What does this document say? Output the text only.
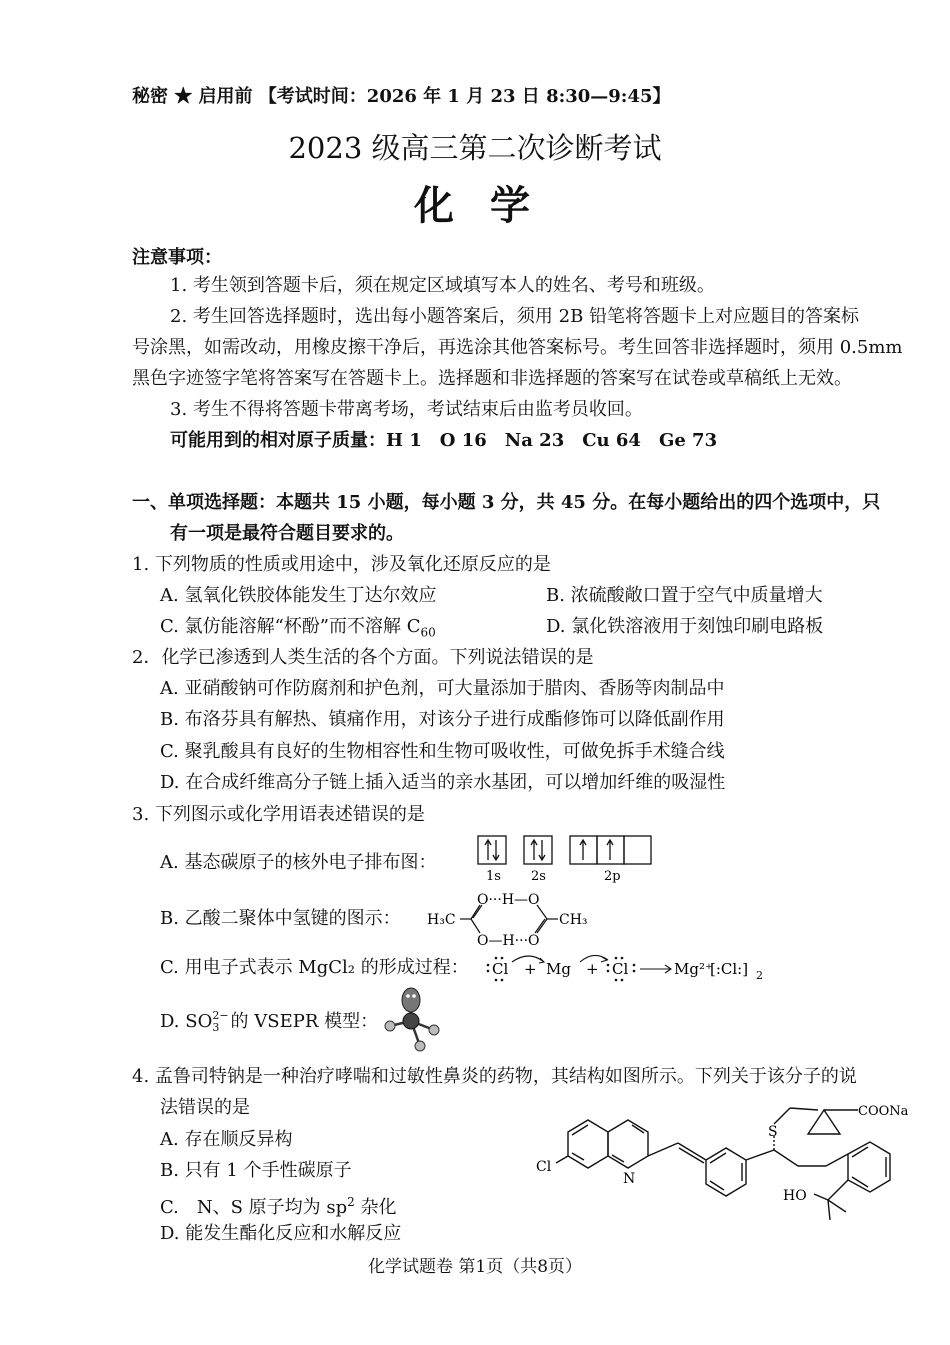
秘密 ★ 启用前 【考试时间：2026 年 1 月 23 日 8:30—9:45】
2023 级高三第二次诊断考试
化学
注意事项：
1. 考生领到答题卡后，须在规定区域填写本人的姓名、考号和班级。
2. 考生回答选择题时，选出每小题答案后，须用 2B 铅笔将答题卡上对应题目的答案标
号涂黑，如需改动，用橡皮擦干净后，再选涂其他答案标号。考生回答非选择题时，须用 0.5mm
黑色字迹签字笔将答案写在答题卡上。选择题和非选择题的答案写在试卷或草稿纸上无效。
3. 考生不得将答题卡带离考场，考试结束后由监考员收回。
可能用到的相对原子质量：H 1　O 16　Na 23　Cu 64　Ge 73
一、单项选择题：本题共 15 小题，每小题 3 分，共 45 分。在每小题给出的四个选项中，只
有一项是最符合题目要求的。
1. 下列物质的性质或用途中，涉及氧化还原反应的是
A. 氢氧化铁胶体能发生丁达尔效应	B. 浓硫酸敞口置于空气中质量增大
C. 氯仿能溶解“杯酚”而不溶解 $C_{60}$	D. 氯化铁溶液用于刻蚀印刷电路板
2．化学已渗透到人类生活的各个方面。下列说法错误的是
A. 亚硝酸钠可作防腐剂和护色剂，可大量添加于腊肉、香肠等肉制品中
B. 布洛芬具有解热、镇痛作用，对该分子进行成酯修饰可以降低副作用
C. 聚乳酸具有良好的生物相容性和生物可吸收性，可做免拆手术缝合线
D. 在合成纤维高分子链上插入适当的亲水基团，可以增加纤维的吸湿性
3. 下列图示或化学用语表述错误的是
A. 基态碳原子的核外电子排布图：
1s 2s	2p
B. 乙酸二聚体中氢键的图示： H₃C
O···H—O
O—H···O
CH₃
C. 用电子式表示 MgCl₂ 的形成过程： Cl + Mg + Cl	Mg²⁺
[:Cl:] 2
D. SO 2−
3 的 VSEPR 模型：
4. 孟鲁司特钠是一种治疗哮喘和过敏性鼻炎的药物，其结构如图所示。下列关于该分子的说
法错误的是
A. 存在顺反异构
B. 只有 1 个手性碳原子
C.　N、S 原子均为 $sp^2$ 杂化
D. 能发生酯化反应和水解反应
Cl
N
S
COONa
HO
化学试题卷 第1页（共8页）
